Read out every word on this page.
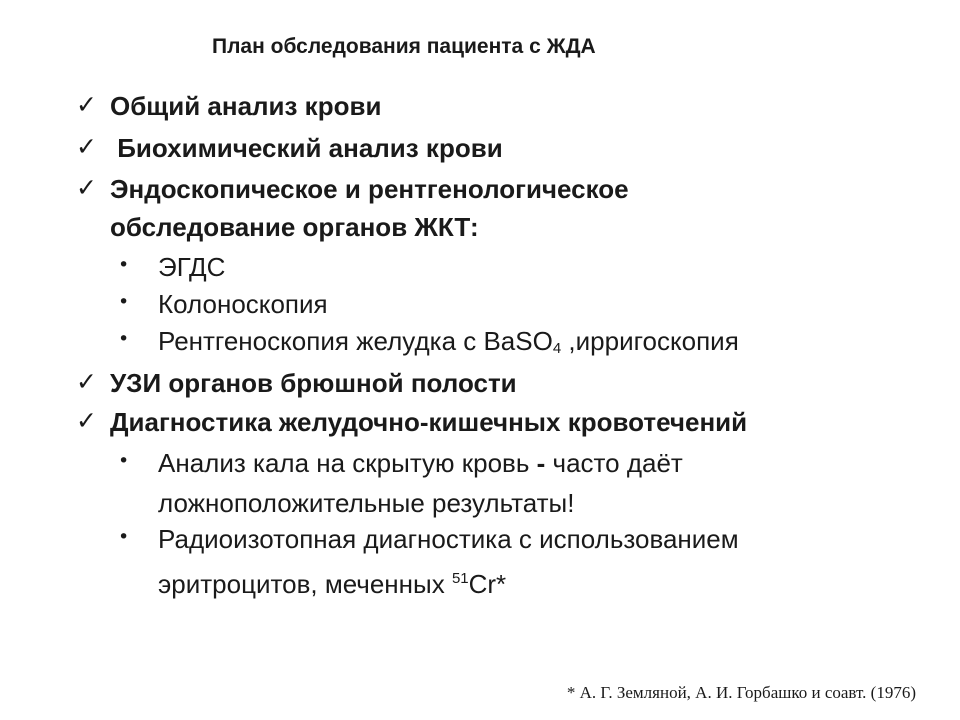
План обследования пациента с ЖДА
✓ Общий анализ крови
✓ Биохимический анализ крови
✓ Эндоскопическое и рентгенологическое
обследование органов ЖКТ:
•	ЭГДС
•	Колоноскопия
•	Рентгеноскопия желудка с BaSO$_4$ ,ирригоскопия
✓ УЗИ органов брюшной полости
✓ Диагностика желудочно-кишечных кровотечений
•	Анализ кала на скрытую кровь - часто даёт
ложноположительные результаты!
•	Радиоизотопная диагностика с использованием
эритроцитов, меченных $^{51}$Cr*
* А. Г. Земляной, А. И. Горбашко и соавт. (1976)
